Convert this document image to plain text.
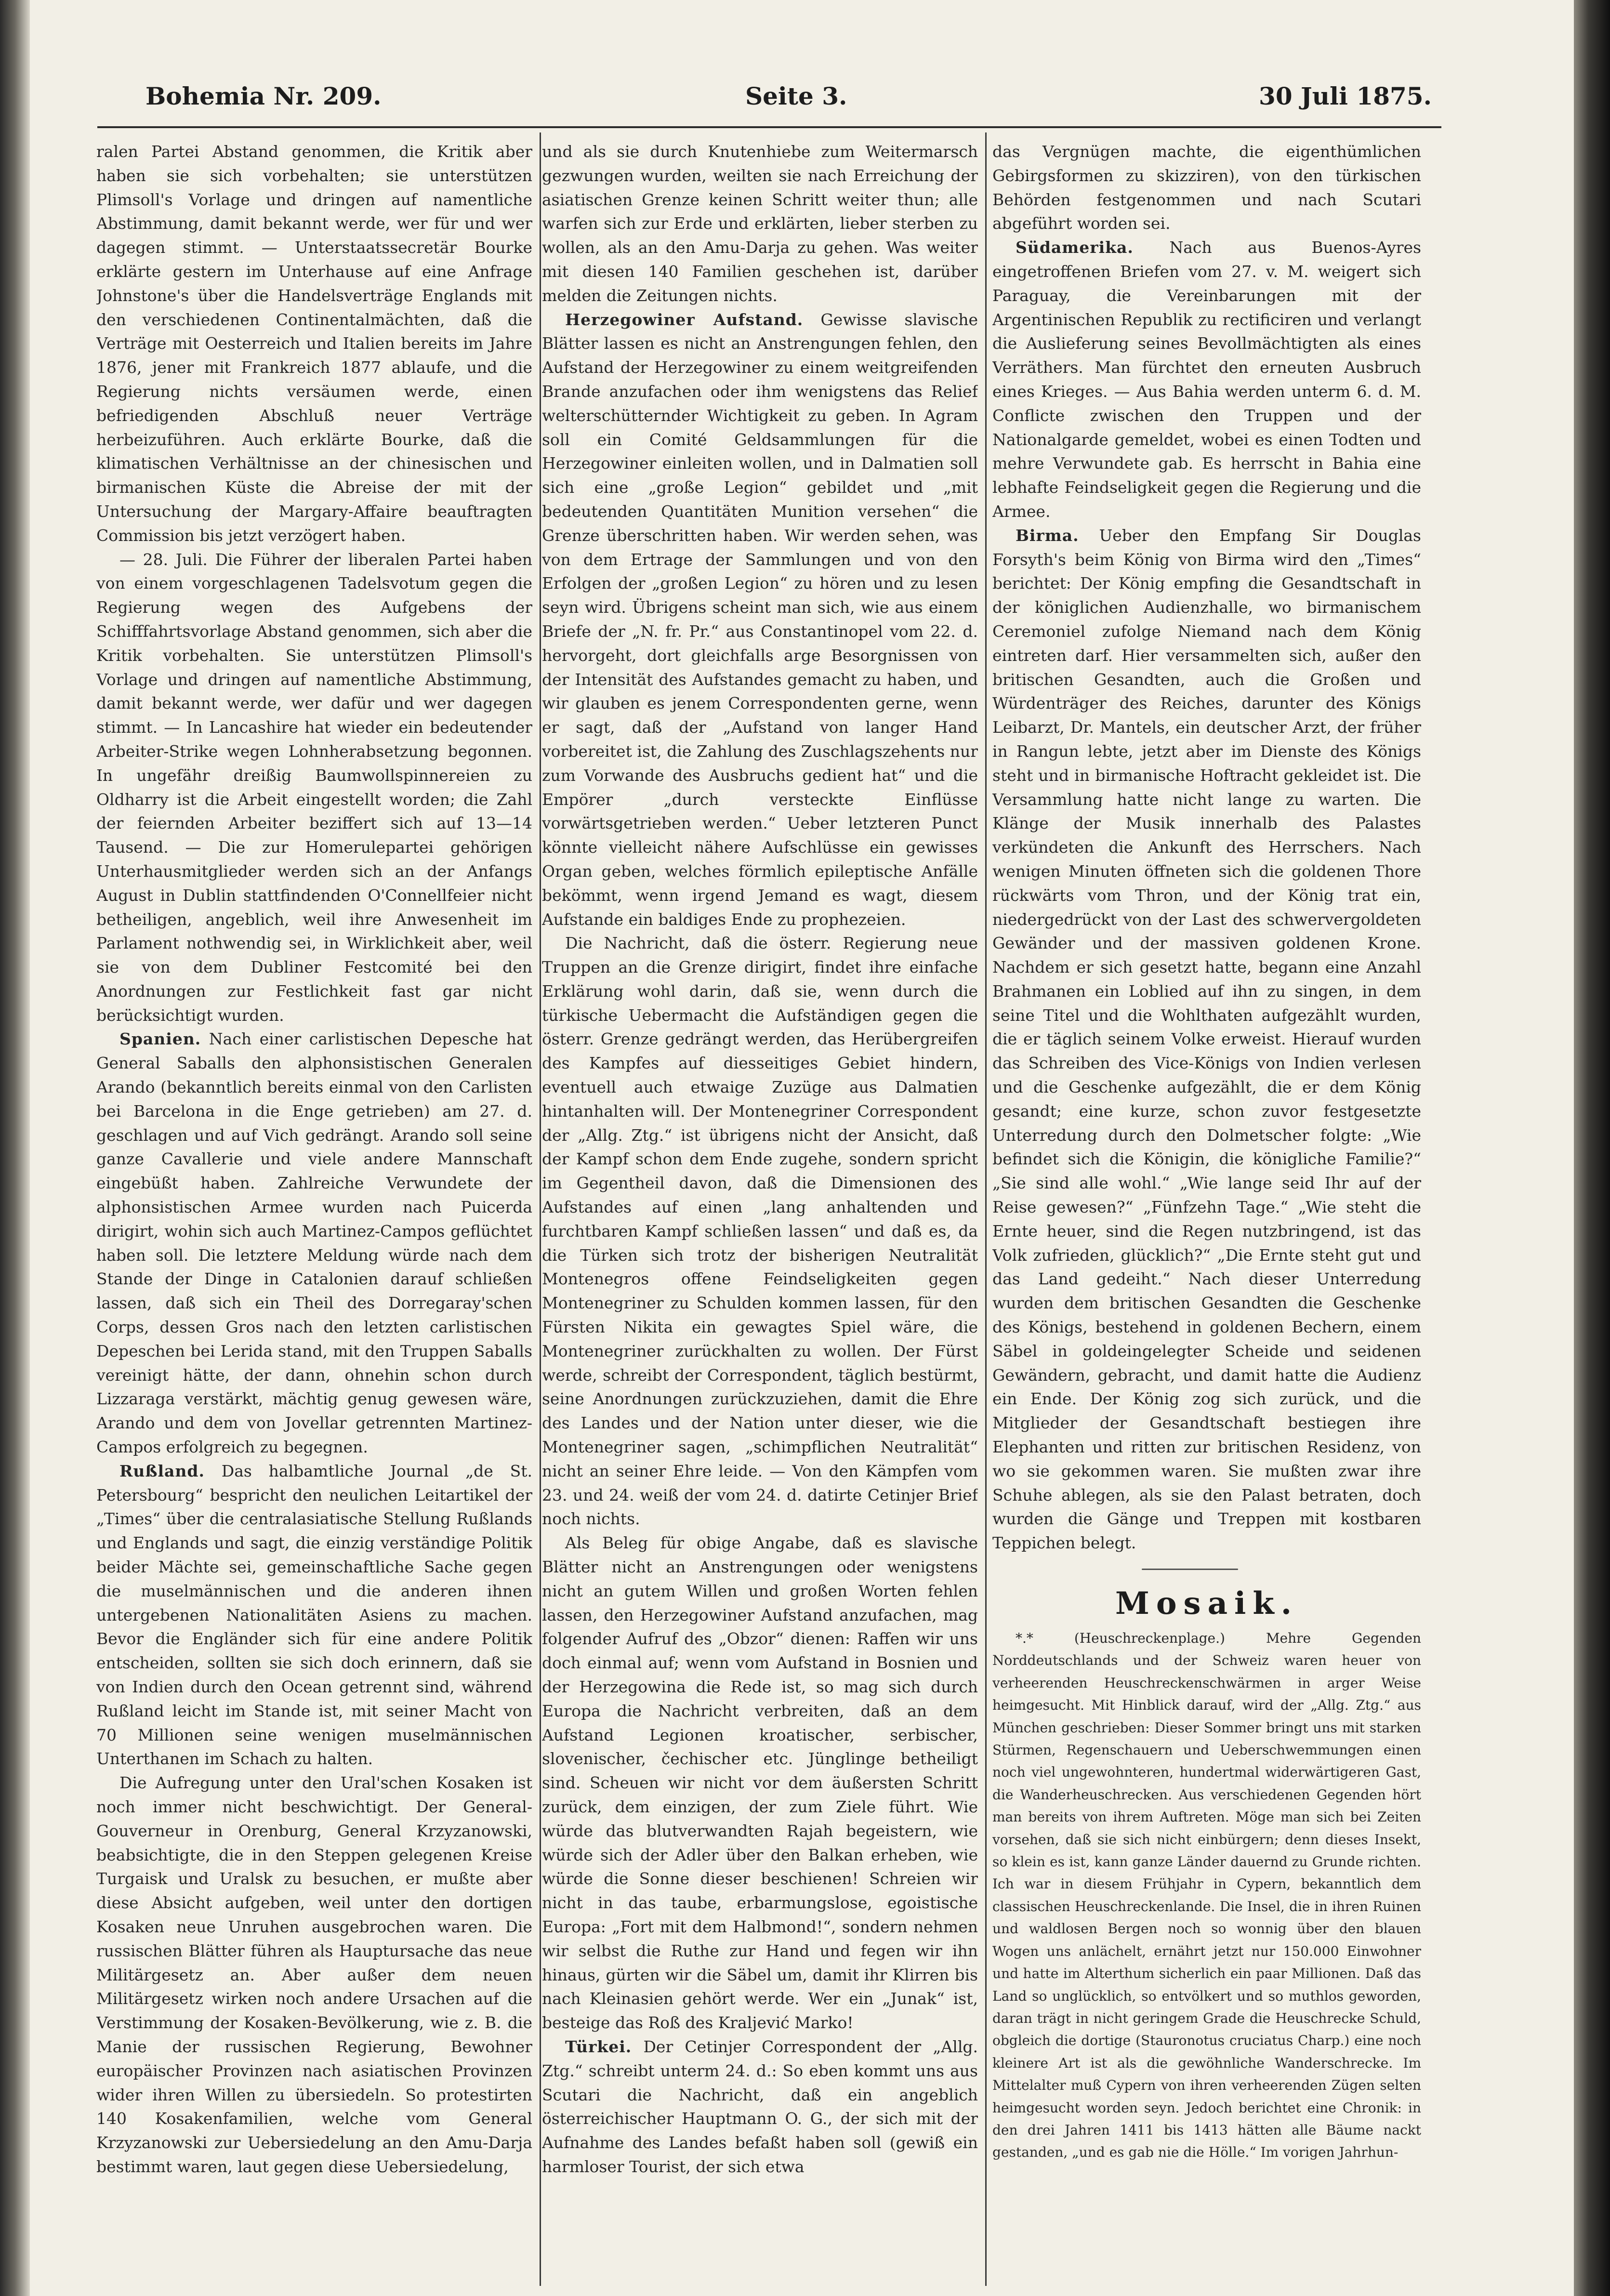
Bohemia Nr. 209.	Seite 3.	30 Juli 1875.

ralen Partei Abstand genommen, die Kritik aber haben sie sich vorbehalten; sie unterstützen Plimsoll's Vorlage und dringen auf namentliche Abstimmung, damit bekannt werde, wer für und wer dagegen stimmt. — Unterstaatssecretär Bourke erklärte gestern im Unterhause auf eine Anfrage Johnstone's über die Handelsverträge Englands mit den verschiedenen Continentalmächten, daß die Verträge mit Oesterreich und Italien bereits im Jahre 1876, jener mit Frankreich 1877 ablaufe, und die Regierung nichts versäumen werde, einen befriedigenden Abschluß neuer Verträge herbeizuführen. Auch erklärte Bourke, daß die klimatischen Verhältnisse an der chinesischen und birmanischen Küste die Abreise der mit der Untersuchung der Margary-Affaire beauftragten Commission bis jetzt verzögert haben.

— 28. Juli. Die Führer der liberalen Partei haben von einem vorgeschlagenen Tadelsvotum gegen die Regierung wegen des Aufgebens der Schifffahrtsvorlage Abstand genommen, sich aber die Kritik vorbehalten. Sie unterstützen Plimsoll's Vorlage und dringen auf namentliche Abstimmung, damit bekannt werde, wer dafür und wer dagegen stimmt. — In Lancashire hat wieder ein bedeutender Arbeiter-Strike wegen Lohnherabsetzung begonnen. In ungefähr dreißig Baumwollspinnereien zu Oldharry ist die Arbeit eingestellt worden; die Zahl der feiernden Arbeiter beziffert sich auf 13—14 Tausend. — Die zur Homerulepartei gehörigen Unterhausmitglieder werden sich an der Anfangs August in Dublin stattfindenden O'Connellfeier nicht betheiligen, angeblich, weil ihre Anwesenheit im Parlament nothwendig sei, in Wirklichkeit aber, weil sie von dem Dubliner Festcomité bei den Anordnungen zur Festlichkeit fast gar nicht berücksichtigt wurden.

Spanien. Nach einer carlistischen Depesche hat General Saballs den alphonsistischen Generalen Arando (bekanntlich bereits einmal von den Carlisten bei Barcelona in die Enge getrieben) am 27. d. geschlagen und auf Vich gedrängt. Arando soll seine ganze Cavallerie und viele andere Mannschaft eingebüßt haben. Zahlreiche Verwundete der alphonsistischen Armee wurden nach Puicerda dirigirt, wohin sich auch Martinez-Campos geflüchtet haben soll. Die letztere Meldung würde nach dem Stande der Dinge in Catalonien darauf schließen lassen, daß sich ein Theil des Dorregaray'schen Corps, dessen Gros nach den letzten carlistischen Depeschen bei Lerida stand, mit den Truppen Saballs vereinigt hätte, der dann, ohnehin schon durch Lizzaraga verstärkt, mächtig genug gewesen wäre, Arando und dem von Jovellar getrennten Martinez-Campos erfolgreich zu begegnen.

Rußland. Das halbamtliche Journal „de St. Petersbourg“ bespricht den neulichen Leitartikel der „Times“ über die centralasiatische Stellung Rußlands und Englands und sagt, die einzig verständige Politik beider Mächte sei, gemeinschaftliche Sache gegen die muselmännischen und die anderen ihnen untergebenen Nationalitäten Asiens zu machen. Bevor die Engländer sich für eine andere Politik entscheiden, sollten sie sich doch erinnern, daß sie von Indien durch den Ocean getrennt sind, während Rußland leicht im Stande ist, mit seiner Macht von 70 Millionen seine wenigen muselmännischen Unterthanen im Schach zu halten.

Die Aufregung unter den Ural'schen Kosaken ist noch immer nicht beschwichtigt. Der General-Gouverneur in Orenburg, General Krzyzanowski, beabsichtigte, die in den Steppen gelegenen Kreise Turgaisk und Uralsk zu besuchen, er mußte aber diese Absicht aufgeben, weil unter den dortigen Kosaken neue Unruhen ausgebrochen waren. Die russischen Blätter führen als Hauptursache das neue Militärgesetz an. Aber außer dem neuen Militärgesetz wirken noch andere Ursachen auf die Verstimmung der Kosaken-Bevölkerung, wie z. B. die Manie der russischen Regierung, Bewohner europäischer Provinzen nach asiatischen Provinzen wider ihren Willen zu übersiedeln. So protestirten 140 Kosakenfamilien, welche vom General Krzyzanowski zur Uebersiedelung an den Amu-Darja bestimmt waren, laut gegen diese Uebersiedelung,

und als sie durch Knutenhiebe zum Weitermarsch gezwungen wurden, weilten sie nach Erreichung der asiatischen Grenze keinen Schritt weiter thun; alle warfen sich zur Erde und erklärten, lieber sterben zu wollen, als an den Amu-Darja zu gehen. Was weiter mit diesen 140 Familien geschehen ist, darüber melden die Zeitungen nichts.

Herzegowiner Aufstand. Gewisse slavische Blätter lassen es nicht an Anstrengungen fehlen, den Aufstand der Herzegowiner zu einem weitgreifenden Brande anzufachen oder ihm wenigstens das Relief welterschütternder Wichtigkeit zu geben. In Agram soll ein Comité Geldsammlungen für die Herzegowiner einleiten wollen, und in Dalmatien soll sich eine „große Legion“ gebildet und „mit bedeutenden Quantitäten Munition versehen“ die Grenze überschritten haben. Wir werden sehen, was von dem Ertrage der Sammlungen und von den Erfolgen der „großen Legion“ zu hören und zu lesen seyn wird. Übrigens scheint man sich, wie aus einem Briefe der „N. fr. Pr.“ aus Constantinopel vom 22. d. hervorgeht, dort gleichfalls arge Besorgnissen von der Intensität des Aufstandes gemacht zu haben, und wir glauben es jenem Correspondenten gerne, wenn er sagt, daß der „Aufstand von langer Hand vorbereitet ist, die Zahlung des Zuschlagszehents nur zum Vorwande des Ausbruchs gedient hat“ und die Empörer „durch versteckte Einflüsse vorwärtsgetrieben werden.“ Ueber letzteren Punct könnte vielleicht nähere Aufschlüsse ein gewisses Organ geben, welches förmlich epileptische Anfälle bekömmt, wenn irgend Jemand es wagt, diesem Aufstande ein baldiges Ende zu prophezeien.

Die Nachricht, daß die österr. Regierung neue Truppen an die Grenze dirigirt, findet ihre einfache Erklärung wohl darin, daß sie, wenn durch die türkische Uebermacht die Aufständigen gegen die österr. Grenze gedrängt werden, das Herübergreifen des Kampfes auf diesseitiges Gebiet hindern, eventuell auch etwaige Zuzüge aus Dalmatien hintanhalten will. Der Montenegriner Correspondent der „Allg. Ztg.“ ist übrigens nicht der Ansicht, daß der Kampf schon dem Ende zugehe, sondern spricht im Gegentheil davon, daß die Dimensionen des Aufstandes auf einen „lang anhaltenden und furchtbaren Kampf schließen lassen“ und daß es, da die Türken sich trotz der bisherigen Neutralität Montenegros offene Feindseligkeiten gegen Montenegriner zu Schulden kommen lassen, für den Fürsten Nikita ein gewagtes Spiel wäre, die Montenegriner zurückhalten zu wollen. Der Fürst werde, schreibt der Correspondent, täglich bestürmt, seine Anordnungen zurückzuziehen, damit die Ehre des Landes und der Nation unter dieser, wie die Montenegriner sagen, „schimpflichen Neutralität“ nicht an seiner Ehre leide. — Von den Kämpfen vom 23. und 24. weiß der vom 24. d. datirte Cetinjer Brief noch nichts.

Als Beleg für obige Angabe, daß es slavische Blätter nicht an Anstrengungen oder wenigstens nicht an gutem Willen und großen Worten fehlen lassen, den Herzegowiner Aufstand anzufachen, mag folgender Aufruf des „Obzor“ dienen: Raffen wir uns doch einmal auf; wenn vom Aufstand in Bosnien und der Herzegowina die Rede ist, so mag sich durch Europa die Nachricht verbreiten, daß an dem Aufstand Legionen kroatischer, serbischer, slovenischer, čechischer etc. Jünglinge betheiligt sind. Scheuen wir nicht vor dem äußersten Schritt zurück, dem einzigen, der zum Ziele führt. Wie würde das blutverwandten Rajah begeistern, wie würde sich der Adler über den Balkan erheben, wie würde die Sonne dieser beschienen! Schreien wir nicht in das taube, erbarmungslose, egoistische Europa: „Fort mit dem Halbmond!“, sondern nehmen wir selbst die Ruthe zur Hand und fegen wir ihn hinaus, gürten wir die Säbel um, damit ihr Klirren bis nach Kleinasien gehört werde. Wer ein „Junak“ ist, besteige das Roß des Kraljević Marko!

Türkei. Der Cetinjer Correspondent der „Allg. Ztg.“ schreibt unterm 24. d.: So eben kommt uns aus Scutari die Nachricht, daß ein angeblich österreichischer Hauptmann O. G., der sich mit der Aufnahme des Landes befaßt haben soll (gewiß ein harmloser Tourist, der sich etwa

das Vergnügen machte, die eigenthümlichen Gebirgsformen zu skizziren), von den türkischen Behörden festgenommen und nach Scutari abgeführt worden sei.

Südamerika. Nach aus Buenos-Ayres eingetroffenen Briefen vom 27. v. M. weigert sich Paraguay, die Vereinbarungen mit der Argentinischen Republik zu rectificiren und verlangt die Auslieferung seines Bevollmächtigten als eines Verräthers. Man fürchtet den erneuten Ausbruch eines Krieges. — Aus Bahia werden unterm 6. d. M. Conflicte zwischen den Truppen und der Nationalgarde gemeldet, wobei es einen Todten und mehre Verwundete gab. Es herrscht in Bahia eine lebhafte Feindseligkeit gegen die Regierung und die Armee.

Birma. Ueber den Empfang Sir Douglas Forsyth's beim König von Birma wird den „Times“ berichtet: Der König empfing die Gesandtschaft in der königlichen Audienzhalle, wo birmanischem Ceremoniel zufolge Niemand nach dem König eintreten darf. Hier versammelten sich, außer den britischen Gesandten, auch die Großen und Würdenträger des Reiches, darunter des Königs Leibarzt, Dr. Mantels, ein deutscher Arzt, der früher in Rangun lebte, jetzt aber im Dienste des Königs steht und in birmanische Hoftracht gekleidet ist. Die Versammlung hatte nicht lange zu warten. Die Klänge der Musik innerhalb des Palastes verkündeten die Ankunft des Herrschers. Nach wenigen Minuten öffneten sich die goldenen Thore rückwärts vom Thron, und der König trat ein, niedergedrückt von der Last des schwervergoldeten Gewänder und der massiven goldenen Krone. Nachdem er sich gesetzt hatte, begann eine Anzahl Brahmanen ein Loblied auf ihn zu singen, in dem seine Titel und die Wohlthaten aufgezählt wurden, die er täglich seinem Volke erweist. Hierauf wurden das Schreiben des Vice-Königs von Indien verlesen und die Geschenke aufgezählt, die er dem König gesandt; eine kurze, schon zuvor festgesetzte Unterredung durch den Dolmetscher folgte: „Wie befindet sich die Königin, die königliche Familie?“ „Sie sind alle wohl.“ „Wie lange seid Ihr auf der Reise gewesen?“ „Fünfzehn Tage.“ „Wie steht die Ernte heuer, sind die Regen nutzbringend, ist das Volk zufrieden, glücklich?“ „Die Ernte steht gut und das Land gedeiht.“ Nach dieser Unterredung wurden dem britischen Gesandten die Geschenke des Königs, bestehend in goldenen Bechern, einem Säbel in goldeingelegter Scheide und seidenen Gewändern, gebracht, und damit hatte die Audienz ein Ende. Der König zog sich zurück, und die Mitglieder der Gesandtschaft bestiegen ihre Elephanten und ritten zur britischen Residenz, von wo sie gekommen waren. Sie mußten zwar ihre Schuhe ablegen, als sie den Palast betraten, doch wurden die Gänge und Treppen mit kostbaren Teppichen belegt.

Mosaik.

*.* (Heuschreckenplage.) Mehre Gegenden Norddeutschlands und der Schweiz waren heuer von verheerenden Heuschreckenschwärmen in arger Weise heimgesucht. Mit Hinblick darauf, wird der „Allg. Ztg.“ aus München geschrieben: Dieser Sommer bringt uns mit starken Stürmen, Regenschauern und Ueberschwemmungen einen noch viel ungewohnteren, hundertmal widerwärtigeren Gast, die Wanderheuschrecken. Aus verschiedenen Gegenden hört man bereits von ihrem Auftreten. Möge man sich bei Zeiten vorsehen, daß sie sich nicht einbürgern; denn dieses Insekt, so klein es ist, kann ganze Länder dauernd zu Grunde richten. Ich war in diesem Frühjahr in Cypern, bekanntlich dem classischen Heuschreckenlande. Die Insel, die in ihren Ruinen und waldlosen Bergen noch so wonnig über den blauen Wogen uns anlächelt, ernährt jetzt nur 150.000 Einwohner und hatte im Alterthum sicherlich ein paar Millionen. Daß das Land so unglücklich, so entvölkert und so muthlos geworden, daran trägt in nicht geringem Grade die Heuschrecke Schuld, obgleich die dortige (Stauronotus cruciatus Charp.) eine noch kleinere Art ist als die gewöhnliche Wanderschrecke. Im Mittelalter muß Cypern von ihren verheerenden Zügen selten heimgesucht worden seyn. Jedoch berichtet eine Chronik: in den drei Jahren 1411 bis 1413 hätten alle Bäume nackt gestanden, „und es gab nie die Hölle.“ Im vorigen Jahrhun-
